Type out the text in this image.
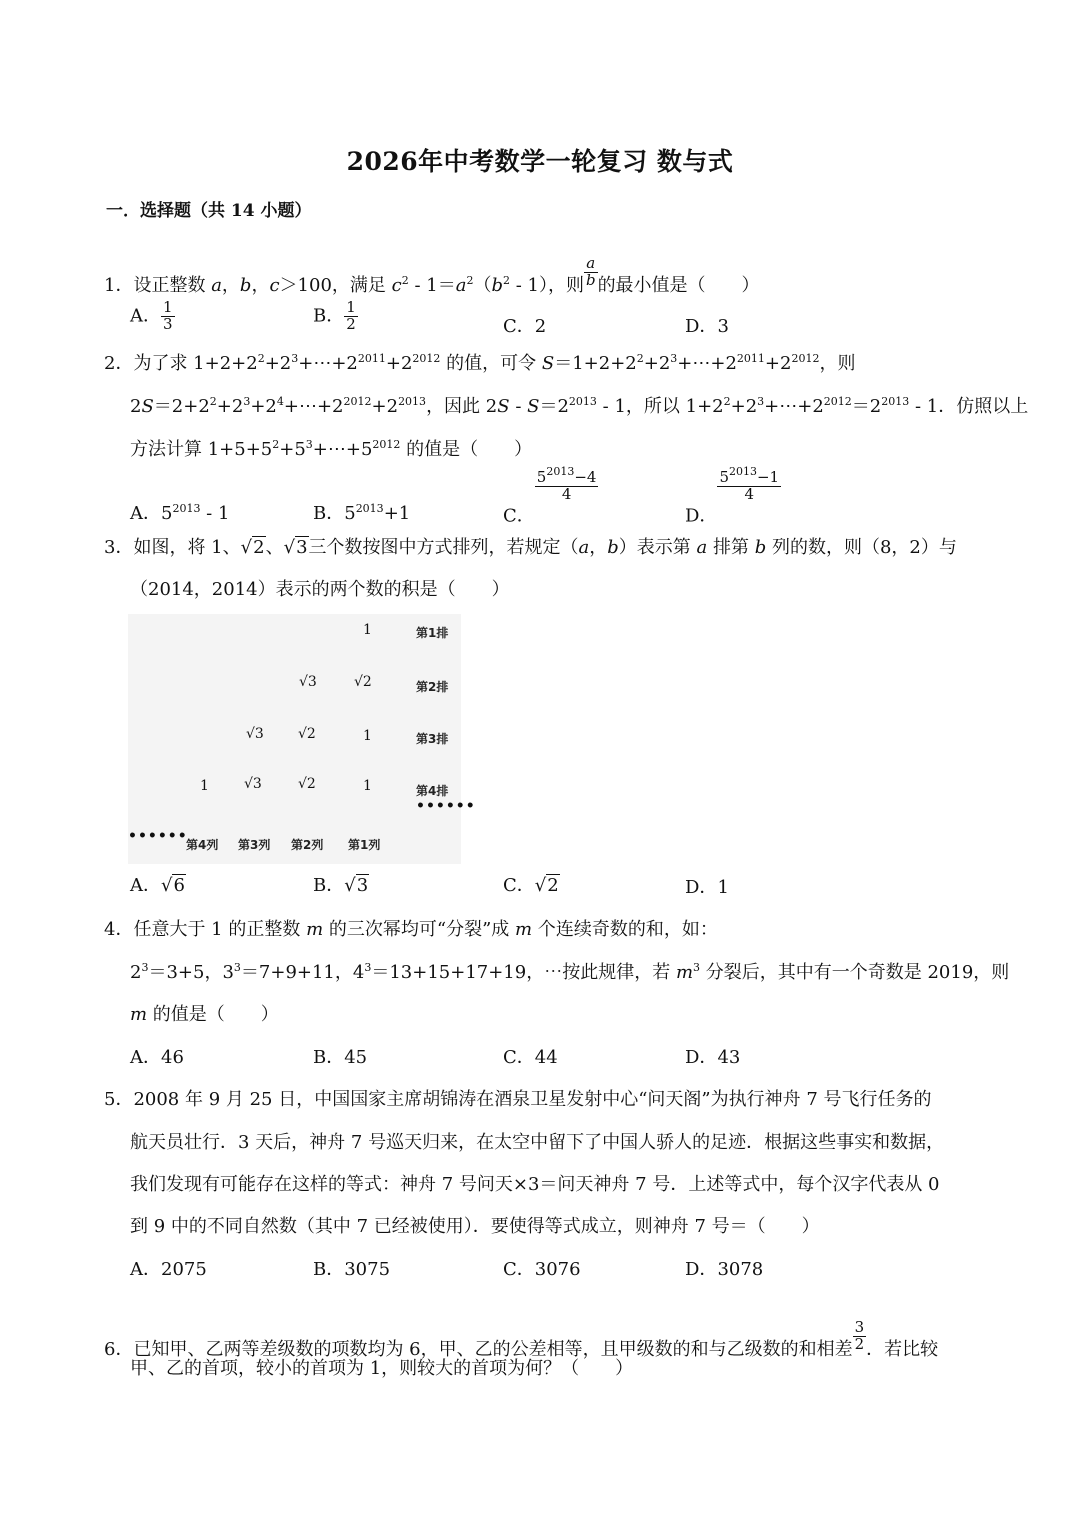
2026年中考数学一轮复习 数与式
一．选择题（共 14 小题）
1．设正整数 a，b，c＞100，满足 $c^2 - 1=a^2(b^2 - 1)$，则 $\frac{a}{b}$ 的最小值是（　　）
A． $\frac{1}{3}$	B． $\frac{1}{2}$	C．2	D．3
2．为了求 $1+2+2^2+2^3+\cdots+2^{2011}+2^{2012}$ 的值，可令 $S=1+2+2^2+2^3+\cdots+2^{2011}+2^{2012}$，则
$2S=2+2^2+2^3+2^4+\cdots+2^{2012}+2^{2013}$，因此 $2S - S=2^{2013} - 1$，所以 $1+2^2+2^3+\cdots+2^{2012}=2^{2013} - 1$．仿照以上
方法计算 $1+5+5^2+5^3+\cdots+5^{2012}$ 的值是（　　）
A．$5^{2013} - 1$	B．$5^{2013}+1$	C．
$\frac{5^{2013}-4}{4}$
D．
$\frac{5^{2013}-1}{4}$
3．如图，将 1、√2、√3三个数按图中方式排列，若规定（a，b）表示第 a 排第 b 列的数，则（8，2）与
（2014，2014）表示的两个数的积是（　　）
1	第1排
√3	√2	第2排
√3 √2	1	第3排
1	√3	√2	1	第4排
••••••
••••••
第4列 第3列 第2列 第1列
A．√6	B．√3	C．√2	D．1
4．任意大于 1 的正整数 m 的三次幂均可“分裂”成 m 个连续奇数的和，如：
$2^3=3+5$，$3^3=7+9+11$，$4^3=13+15+17+19$，⋯按此规律，若 $m^3$ 分裂后，其中有一个奇数是 2019，则
m 的值是（　　）
A．46	B．45	C．44	D．43
5．2008 年 9 月 25 日，中国国家主席胡锦涛在酒泉卫星发射中心“问天阁”为执行神舟 7 号飞行任务的
航天员壮行．3 天后，神舟 7 号巡天归来，在太空中留下了中国人骄人的足迹．根据这些事实和数据，
我们发现有可能存在这样的等式：神舟 7 号问天×3＝问天神舟 7 号．上述等式中，每个汉字代表从 0
到 9 中的不同自然数（其中 7 已经被使用）．要使得等式成立，则神舟 7 号＝（　　）
A．2075	B．3075	C．3076	D．3078
6．已知甲、乙两等差级数的项数均为 6，甲、乙的公差相等，且甲级数的和与乙级数的和相差 $\frac{3}{2}$ ．若比较
甲、乙的首项，较小的首项为 1，则较大的首项为何？（　　）
